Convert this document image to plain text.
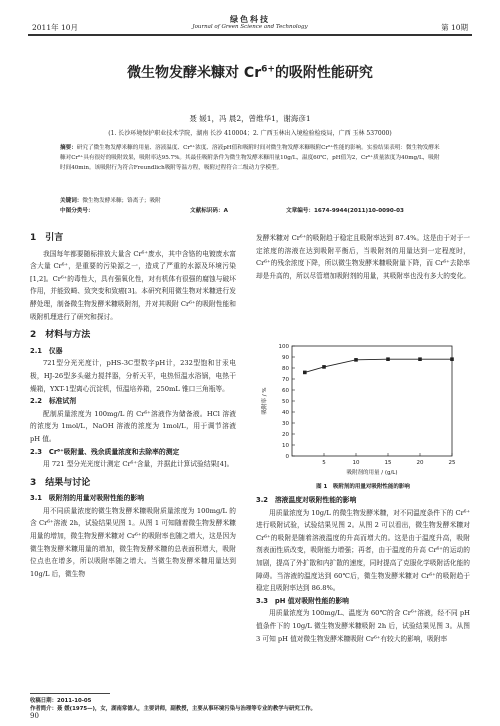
2011年 10月
绿色科技
Journal of Green Science and Technology	第 10期
微生物发酵米糠对 $Cr^{6+}$的吸附性能研究
聂 媛1，冯 晨2，曾维华1，谢海彦1
(1. 长沙环境保护职业技术学院，湖南 长沙 410004；2. 广西玉林出入境检验检疫局，广西 玉林 537000)
摘要：研究了微生物发酵米糠的用量、溶液温度、Cr⁶⁺浓度、溶液pH值和吸附时间对微生物发酵米糠吸附Cr⁶⁺性能的影响。实验结果表明：微生物发酵米糠对Cr⁶⁺具有很好的吸附效果，吸附率达95.7%。其最佳吸附条件为微生物发酵米糠用量10g/L，温度60℃，pH值为2，Cr⁶⁺质量浓度为40mg/L，吸附时间40min。该吸附行为符合Freundlich吸附等温方程，吸附过程符合二级动力学模型。
关键词：微生物发酵米糠；铬离子；吸附
中图分类号：	文献标识码：A	文章编号：1674-9944(2011)10-0090-03
1　引言

我国每年都要随标排放大量含 Cr⁶⁺废水，其中含铬的电镀废水富含大量 Cr⁶⁺，是重要的污染源之一，造成了严重的水源及环境污染[1,2]。Cr⁶⁺的毒性大，具有强氧化性，对有机体有很强的腐蚀与破坏作用，并能致畸、致突变和致癌[3]。本研究利用微生物对米糠进行发酵处理，制备微生物发酵米糠吸附剂，并对其吸附 Cr⁶⁺的吸附性能和吸附机理进行了研究和探讨。

2　材料与方法
2.1　仪器

721型分光光度计，pHS-3C型数字pH计，232型饱和甘汞电极，HJ-26型多头磁力搅拌器，分析天平，电热恒温水浴锅，电热干燥箱，YXT-1型离心沉淀机，恒温培养箱，250mL 锥口三角瓶等。

2.2　标准试剂

配制质量浓度为 100mg/L 的 Cr⁶⁺溶液作为储备液。HCl 溶液的浓度为 1mol/L，NaOH 溶液的浓度为 1mol/L，用于调节溶液 pH 值。

2.3　Cr⁶⁺吸附量、残余质量浓度和去除率的测定

用 721 型分光光度计测定 Cr⁶⁺含量，并据此计算试验结果[4]。

3　结果与讨论
3.1　吸附剂的用量对吸附性能的影响

用不同质量浓度的微生物发酵米糠吸附质量浓度为 100mg/L 的含 Cr⁶⁺溶液 2h，试验结果见图 1。从图 1 可知随着微生物发酵米糠用量的增加，微生物发酵米糠对 Cr⁶⁺的吸附率也随之增大，这是因为微生物发酵米糠用量的增加，微生物发酵米糠的总表面积增大，吸附位点也在增多，所以吸附率随之增大。当微生物发酵米糠用量达到 10g/L 后，微生物

发酵米糠对 Cr⁶⁺的吸附趋于稳定且吸附率达到 87.4%。这是由于对于一定浓度的溶液在达到吸附平衡后，当吸附剂的用量达到一定程度时，Cr⁶⁺的残余浓度下降，所以微生物发酵米糠吸附量下降，而 Cr⁶⁺去除率却是升高的，所以尽管增加吸附剂的用量，其吸附率也没有多大的变化。

0
10
20
30
40
50
60
70
80
90
100
5	10	15	20	25
吸附剂的用量 / (g/L)
吸附率 / %
图 1　吸附剂的用量对吸附性能的影响
3.2　溶液温度对吸附性能的影响

用质量浓度为 10g/L 的微生物发酵米糠，对不同温度条件下的 Cr⁶⁺进行吸附试验，试验结果见图 2。从图 2 可以看出，微生物发酵米糠对 Cr⁶⁺的吸附是随着溶液温度的升高而增大的。这是由于温度升高，吸附剂表面性质改变，吸附能力增强；再者，由于温度的升高 Cr⁶⁺的运动的加剧，提高了外扩散和内扩散的速度，同时提高了克服化学吸附活化能的障碍。当溶液的温度达到 60℃后，微生物发酵米糠对 Cr⁶⁺的吸附趋于稳定且吸附率达到 86.8%。

3.3　pH 值对吸附性能的影响

用质量浓度为 100mg/L、温度为 60℃的含 Cr⁶⁺溶液，经不同 pH 值条件下的 10g/L 微生物发酵米糠吸附 2h 后，试验结果见图 3。从图 3 可知 pH 值对微生物发酵米糠吸附 Cr⁶⁺有较大的影响，吸附率

收稿日期：2011-10-05
作者简介：聂 媛(1975—)，女，湖南常德人，主要讲师，副教授，主要从事环境污染与治理等专业的教学与研究工作。
90
